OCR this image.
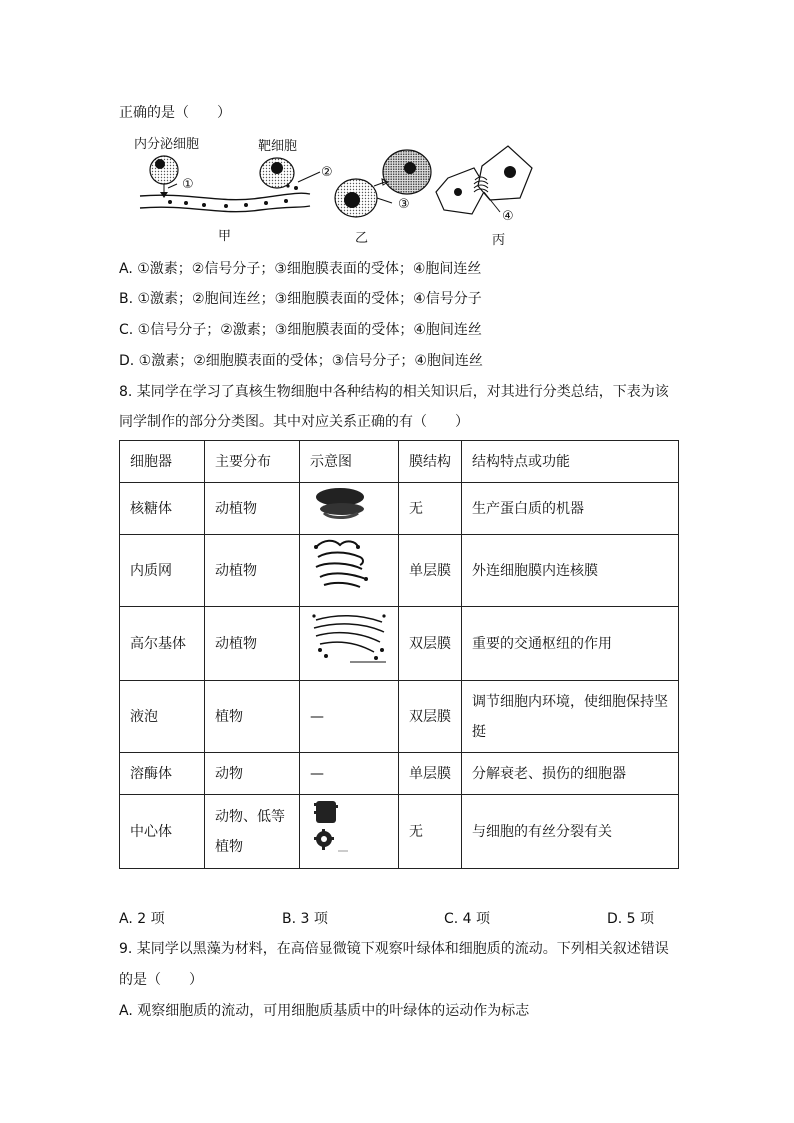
正确的是（　　）
内分泌细胞
①
靶细胞
甲
②
③
乙
④
丙
A. ①激素；②信号分子；③细胞膜表面的受体；④胞间连丝
B. ①激素；②胞间连丝；③细胞膜表面的受体；④信号分子
C. ①信号分子；②激素；③细胞膜表面的受体；④胞间连丝
D. ①激素；②细胞膜表面的受体；③信号分子；④胞间连丝
8. 某同学在学习了真核生物细胞中各种结构的相关知识后，对其进行分类总结，下表为该
同学制作的部分分类图。其中对应关系正确的有（　　）
细胞器	主要分布	示意图	膜结构	结构特点或功能
核糖体	动植物		无	生产蛋白质的机器
内质网	动植物		单层膜	外连细胞膜内连核膜
高尔基体	动植物		双层膜	重要的交通枢纽的作用
液泡	植物	—	双层膜	调节细胞内环境，使细胞保持坚
挺

溶酶体	动物	—	单层膜	分解衰老、损伤的细胞器
中心体	动物、低等
植物		无	与细胞的有丝分裂有关
A. 2 项	B. 3 项	C. 4 项	D. 5 项
9. 某同学以黑藻为材料，在高倍显微镜下观察叶绿体和细胞质的流动。下列相关叙述错误
的是（　　）
A. 观察细胞质的流动，可用细胞质基质中的叶绿体的运动作为标志
